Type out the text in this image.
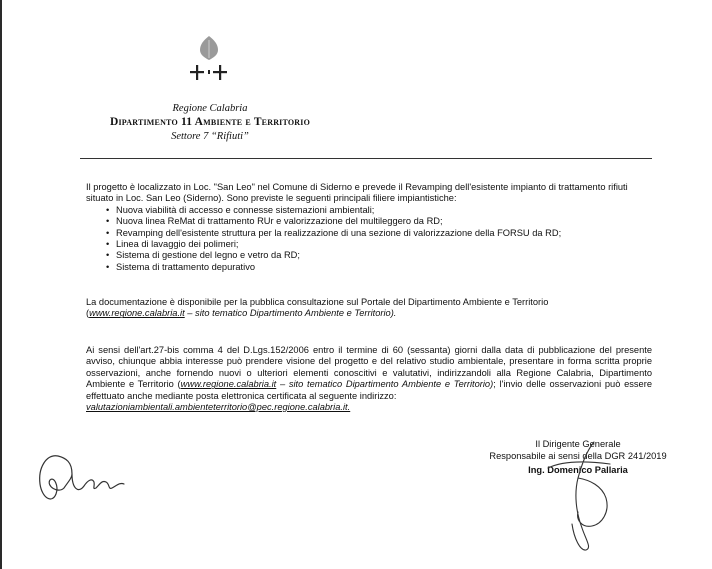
Regione Calabria
Dipartimento 11 Ambiente e Territorio
Settore 7 “Rifiuti”
Il progetto è localizzato in Loc. "San Leo" nel Comune di Siderno e prevede il Revamping dell'esistente impianto di trattamento rifiuti situato in Loc. San Leo (Siderno). Sono previste le seguenti principali filiere impiantistiche:
• Nuova viabilità di accesso e connesse sistemazioni ambientali;
• Nuova linea ReMat di trattamento RUr e valorizzazione del multileggero da RD;
• Revamping dell'esistente struttura per la realizzazione di una sezione di valorizzazione della FORSU da RD;
• Linea di lavaggio dei polimeri;
• Sistema di gestione del legno e vetro da RD;
• Sistema di trattamento depurativo
La documentazione è disponibile per la pubblica consultazione sul Portale del Dipartimento Ambiente e Territorio
(www.regione.calabria.it – sito tematico Dipartimento Ambiente e Territorio).
Ai sensi dell'art.27-bis comma 4 del D.Lgs.152/2006 entro il termine di 60 (sessanta) giorni dalla data di pubblicazione del presente avviso, chiunque abbia interesse può prendere visione del progetto e del relativo studio ambientale, presentare in forma scritta proprie osservazioni, anche fornendo nuovi o ulteriori elementi conoscitivi e valutativi, indirizzandoli alla Regione Calabria, Dipartimento Ambiente e Territorio (www.regione.calabria.it – sito tematico Dipartimento Ambiente e Territorio); l'invio delle osservazioni può essere effettuato anche mediante posta elettronica certificata al seguente indirizzo:
valutazioniambientali.ambienteterritorio@pec.regione.calabria.it.
Il Dirigente Generale
Responsabile ai sensi della DGR 241/2019
Ing. Domenico Pallaria
